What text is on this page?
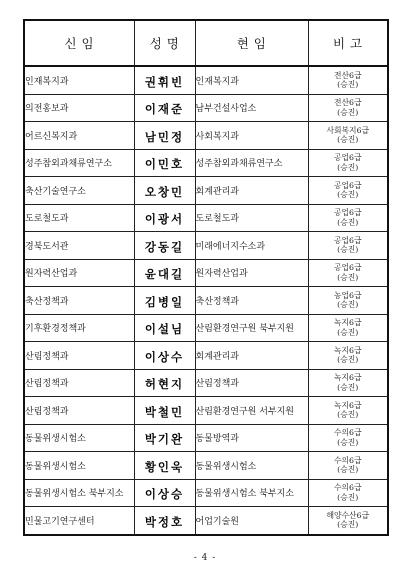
신 임	성 명	현 임	비 고
인재복지과	권휘빈	인재복지과	전산6급
(승진)

의전홍보과	이재준	남부건설사업소	전산6급
(승진)

어르신복지과	남민정	사회복지과	사회복지6급
(승진)

성주참외과채류연구소	이민호	성주참외과채류연구소	공업6급
(승진)

축산기술연구소	오창민	회계관리과	공업6급
(승진)

도로철도과	이광서	도로철도과	공업6급
(승진)

경북도서관	강동길	미래에너지수소과	공업6급
(승진)

원자력산업과	윤대길	원자력산업과	공업6급
(승진)

축산정책과	김병일	축산정책과	농업6급
(승진)

기후환경정책과	이설님	산림환경연구원 북부지원	녹지6급
(승진)

산림정책과	이상수	회계관리과	녹지6급
(승진)

산림정책과	허현지	산림정책과	녹지6급
(승진)

산림정책과	박철민	산림환경연구원 서부지원	녹지6급
(승진)

동물위생시험소	박기완	동물방역과	수의6급
(승진)

동물위생시험소	황인욱	동물위생시험소	수의6급
(승진)

동물위생시험소 북부지소	이상승	동물위생시험소 북부지소	수의6급
(승진)

민물고기연구센터	박정호	어업기술원	해양수산6급
(승진)
- 4 -
